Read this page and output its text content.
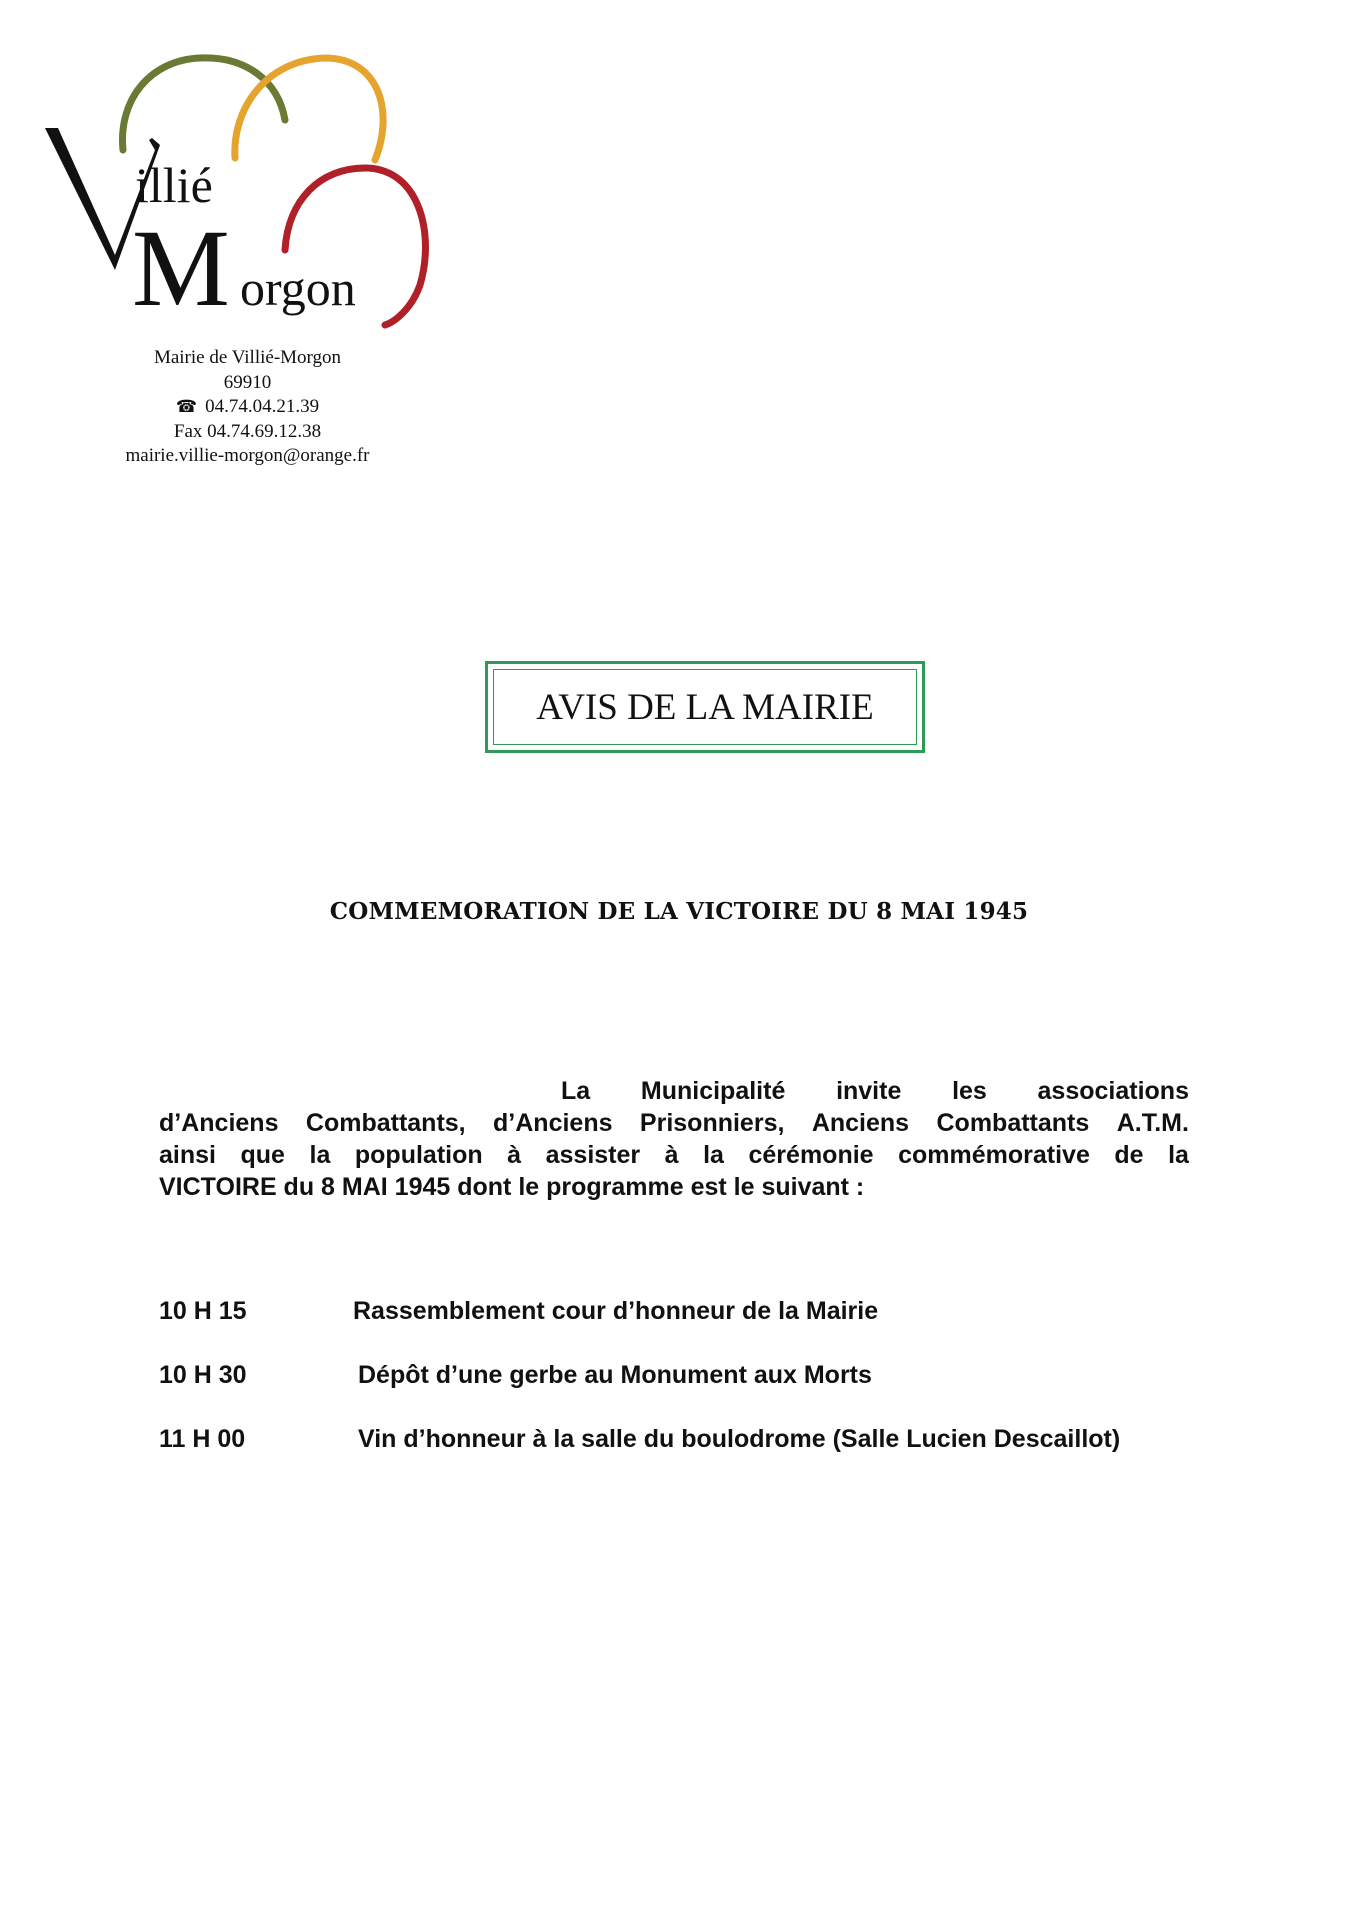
illié
M orgon
Mairie de Villié-Morgon
69910
☎ 04.74.04.21.39
Fax 04.74.69.12.38
mairie.villie-morgon@orange.fr
AVIS DE LA MAIRIE
COMMEMORATION DE LA VICTOIRE DU 8 MAI 1945
La Municipalité invite les associations
d’Anciens Combattants, d’Anciens Prisonniers, Anciens Combattants A.T.M.
ainsi que la population à assister à la cérémonie commémorative de la
VICTOIRE du 8 MAI 1945 dont le programme est le suivant :
10 H 15	Rassemblement cour d’honneur de la Mairie
10 H 30	Dépôt d’une gerbe au Monument aux Morts
11 H 00	Vin d’honneur à la salle du boulodrome (Salle Lucien Descaillot)
